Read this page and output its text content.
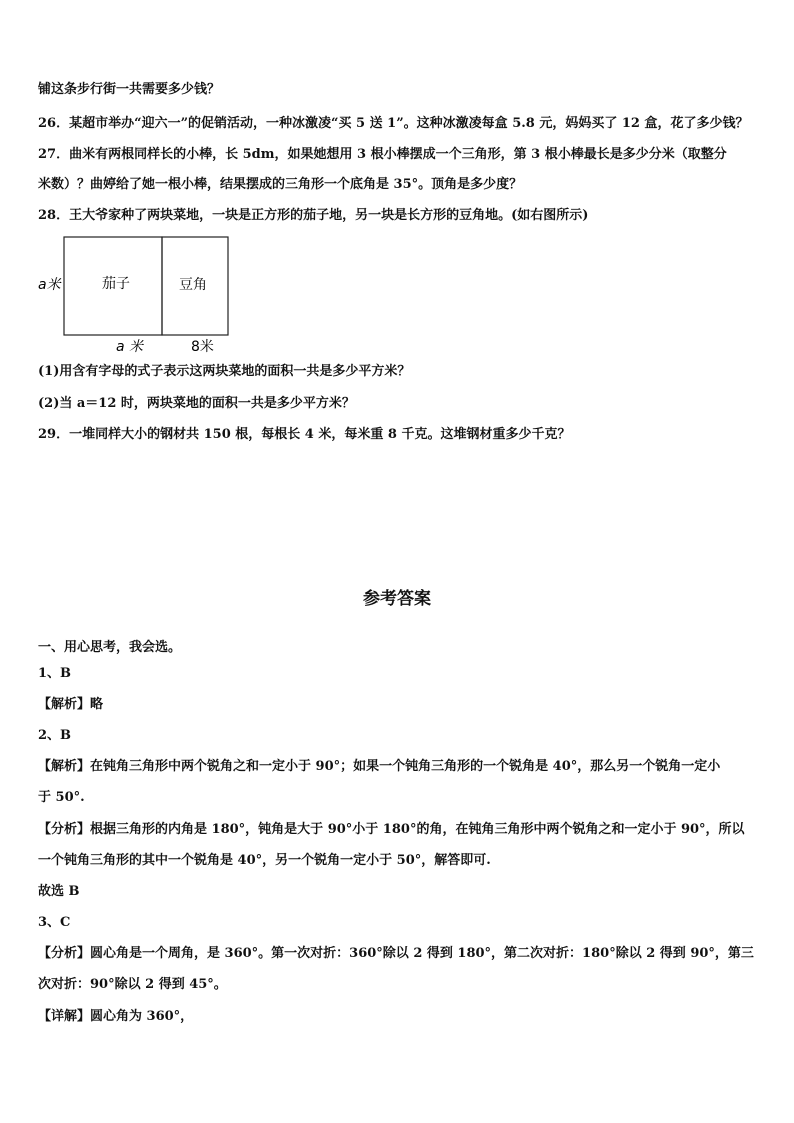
铺这条步行街一共需要多少钱？
26．某超市举办“迎六一”的促销活动，一种冰激凌“买 5 送 1”。这种冰激凌每盒 5.8 元，妈妈买了 12 盒，花了多少钱？
27．曲米有两根同样长的小棒，长 5dm，如果她想用 3 根小棒摆成一个三角形，第 3 根小棒最长是多少分米（取整分
米数）？曲婷给了她一根小棒，结果摆成的三角形一个底角是 35°。顶角是多少度？
28．王大爷家种了两块菜地，一块是正方形的茄子地，另一块是长方形的豆角地。(如右图所示)
a米	茄子	豆角
a 米	8米
(1)用含有字母的式子表示这两块菜地的面积一共是多少平方米？
(2)当 a＝12 时，两块菜地的面积一共是多少平方米？
29．一堆同样大小的钢材共 150 根，每根长 4 米，每米重 8 千克。这堆钢材重多少千克？
参考答案
一、用心思考，我会选。
1、B
【解析】略
2、B
【解析】在钝角三角形中两个锐角之和一定小于 90°；如果一个钝角三角形的一个锐角是 40°，那么另一个锐角一定小
于 50°.
【分析】根据三角形的内角是 180°，钝角是大于 90°小于 180°的角，在钝角三角形中两个锐角之和一定小于 90°，所以
一个钝角三角形的其中一个锐角是 40°，另一个锐角一定小于 50°，解答即可.
故选 B
3、C
【分析】圆心角是一个周角，是 360°。第一次对折：360°除以 2 得到 180°，第二次对折：180°除以 2 得到 90°，第三
次对折：90°除以 2 得到 45°。
【详解】圆心角为 360°，
